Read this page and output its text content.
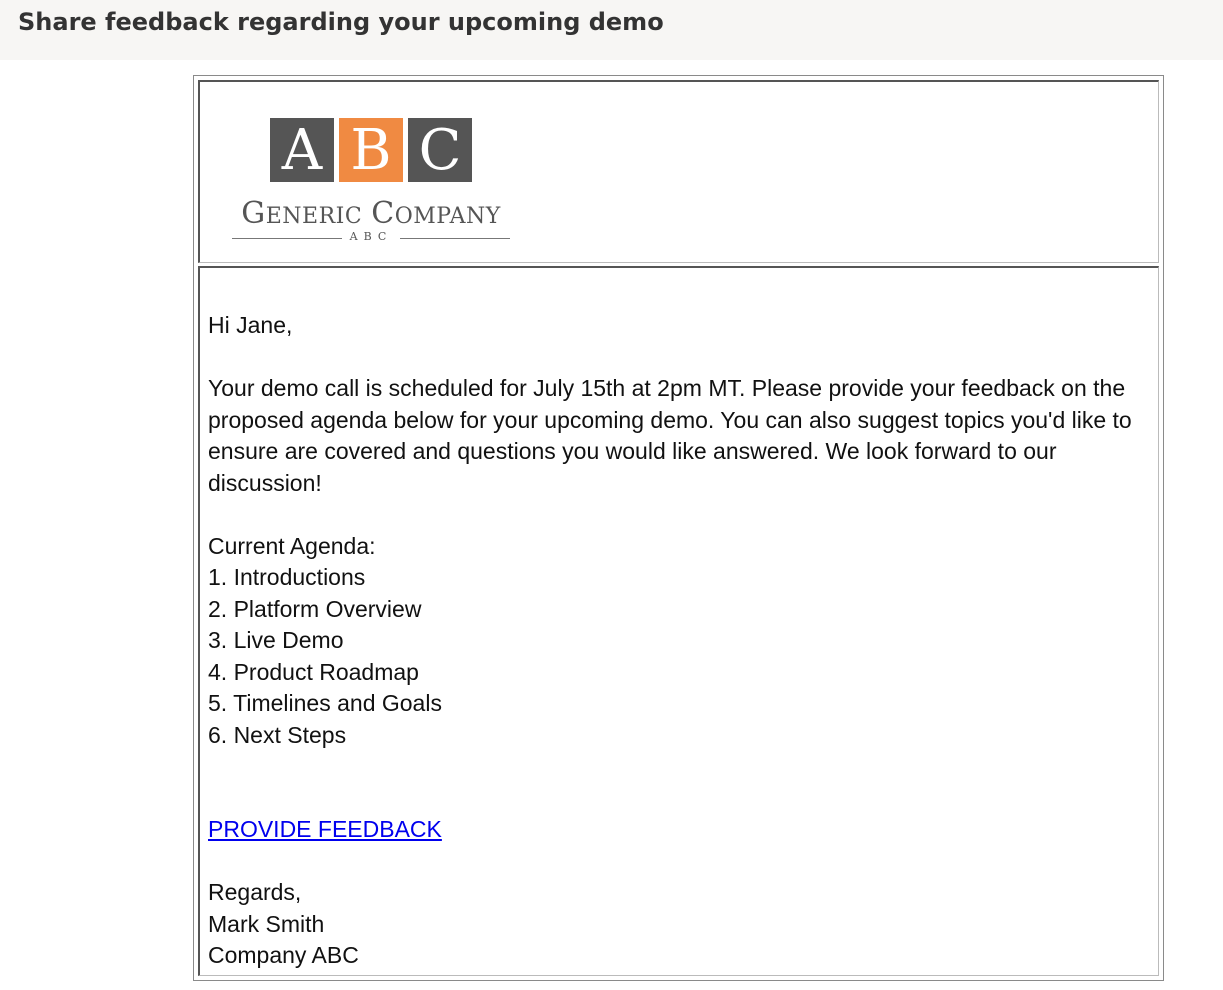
Share feedback regarding your upcoming demo
A B C
GENERIC COMPANY
ABC

Hi Jane,

Your demo call is scheduled for July 15th at 2pm MT. Please provide your feedback on the proposed agenda below for your upcoming demo. You can also suggest topics you'd like to ensure are covered and questions you would like answered. We look forward to our discussion!

Current Agenda:

1. Introductions

2. Platform Overview

3. Live Demo

4. Product Roadmap

5. Timelines and Goals

6. Next Steps

PROVIDE FEEDBACK

Regards,

Mark Smith

Company ABC
